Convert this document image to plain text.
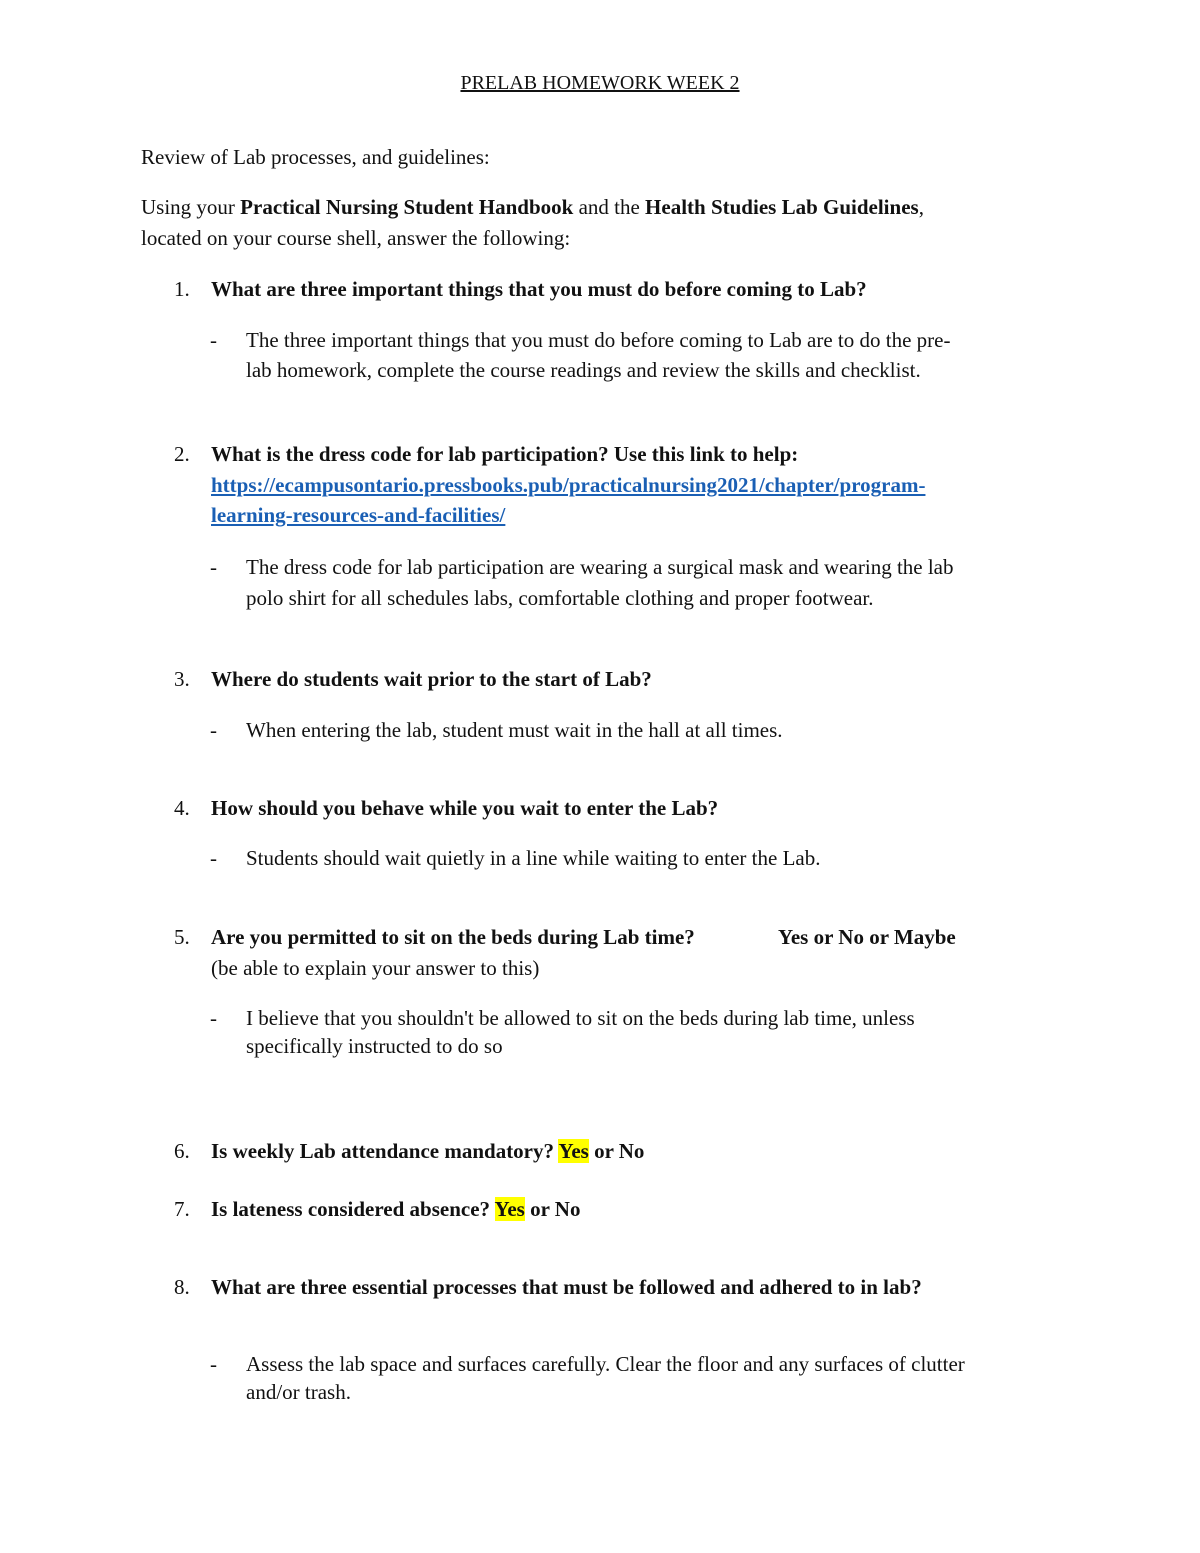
PRELAB HOMEWORK WEEK 2

Review of Lab processes, and guidelines:

Using your Practical Nursing Student Handbook and the Health Studies Lab Guidelines,

located on your course shell, answer the following:

1. What are three important things that you must do before coming to Lab?

- The three important things that you must do before coming to Lab are to do the pre-

lab homework, complete the course readings and review the skills and checklist.

2. What is the dress code for lab participation? Use this link to help:

https://ecampusontario.pressbooks.pub/practicalnursing2021/chapter/program-
learning-resources-and-facilities/

- The dress code for lab participation are wearing a surgical mask and wearing the lab

polo shirt for all schedules labs, comfortable clothing and proper footwear.

3. Where do students wait prior to the start of Lab?

- When entering the lab, student must wait in the hall at all times.

4. How should you behave while you wait to enter the Lab?

- Students should wait quietly in a line while waiting to enter the Lab.

5. Are you permitted to sit on the beds during Lab time?	Yes or No or Maybe

(be able to explain your answer to this)

- I believe that you shouldn't be allowed to sit on the beds during lab time, unless

specifically instructed to do so

6. Is weekly Lab attendance mandatory? Yes or No

7. Is lateness considered absence? Yes or No

8. What are three essential processes that must be followed and adhered to in lab?

- Assess the lab space and surfaces carefully. Clear the floor and any surfaces of clutter

and/or trash.
